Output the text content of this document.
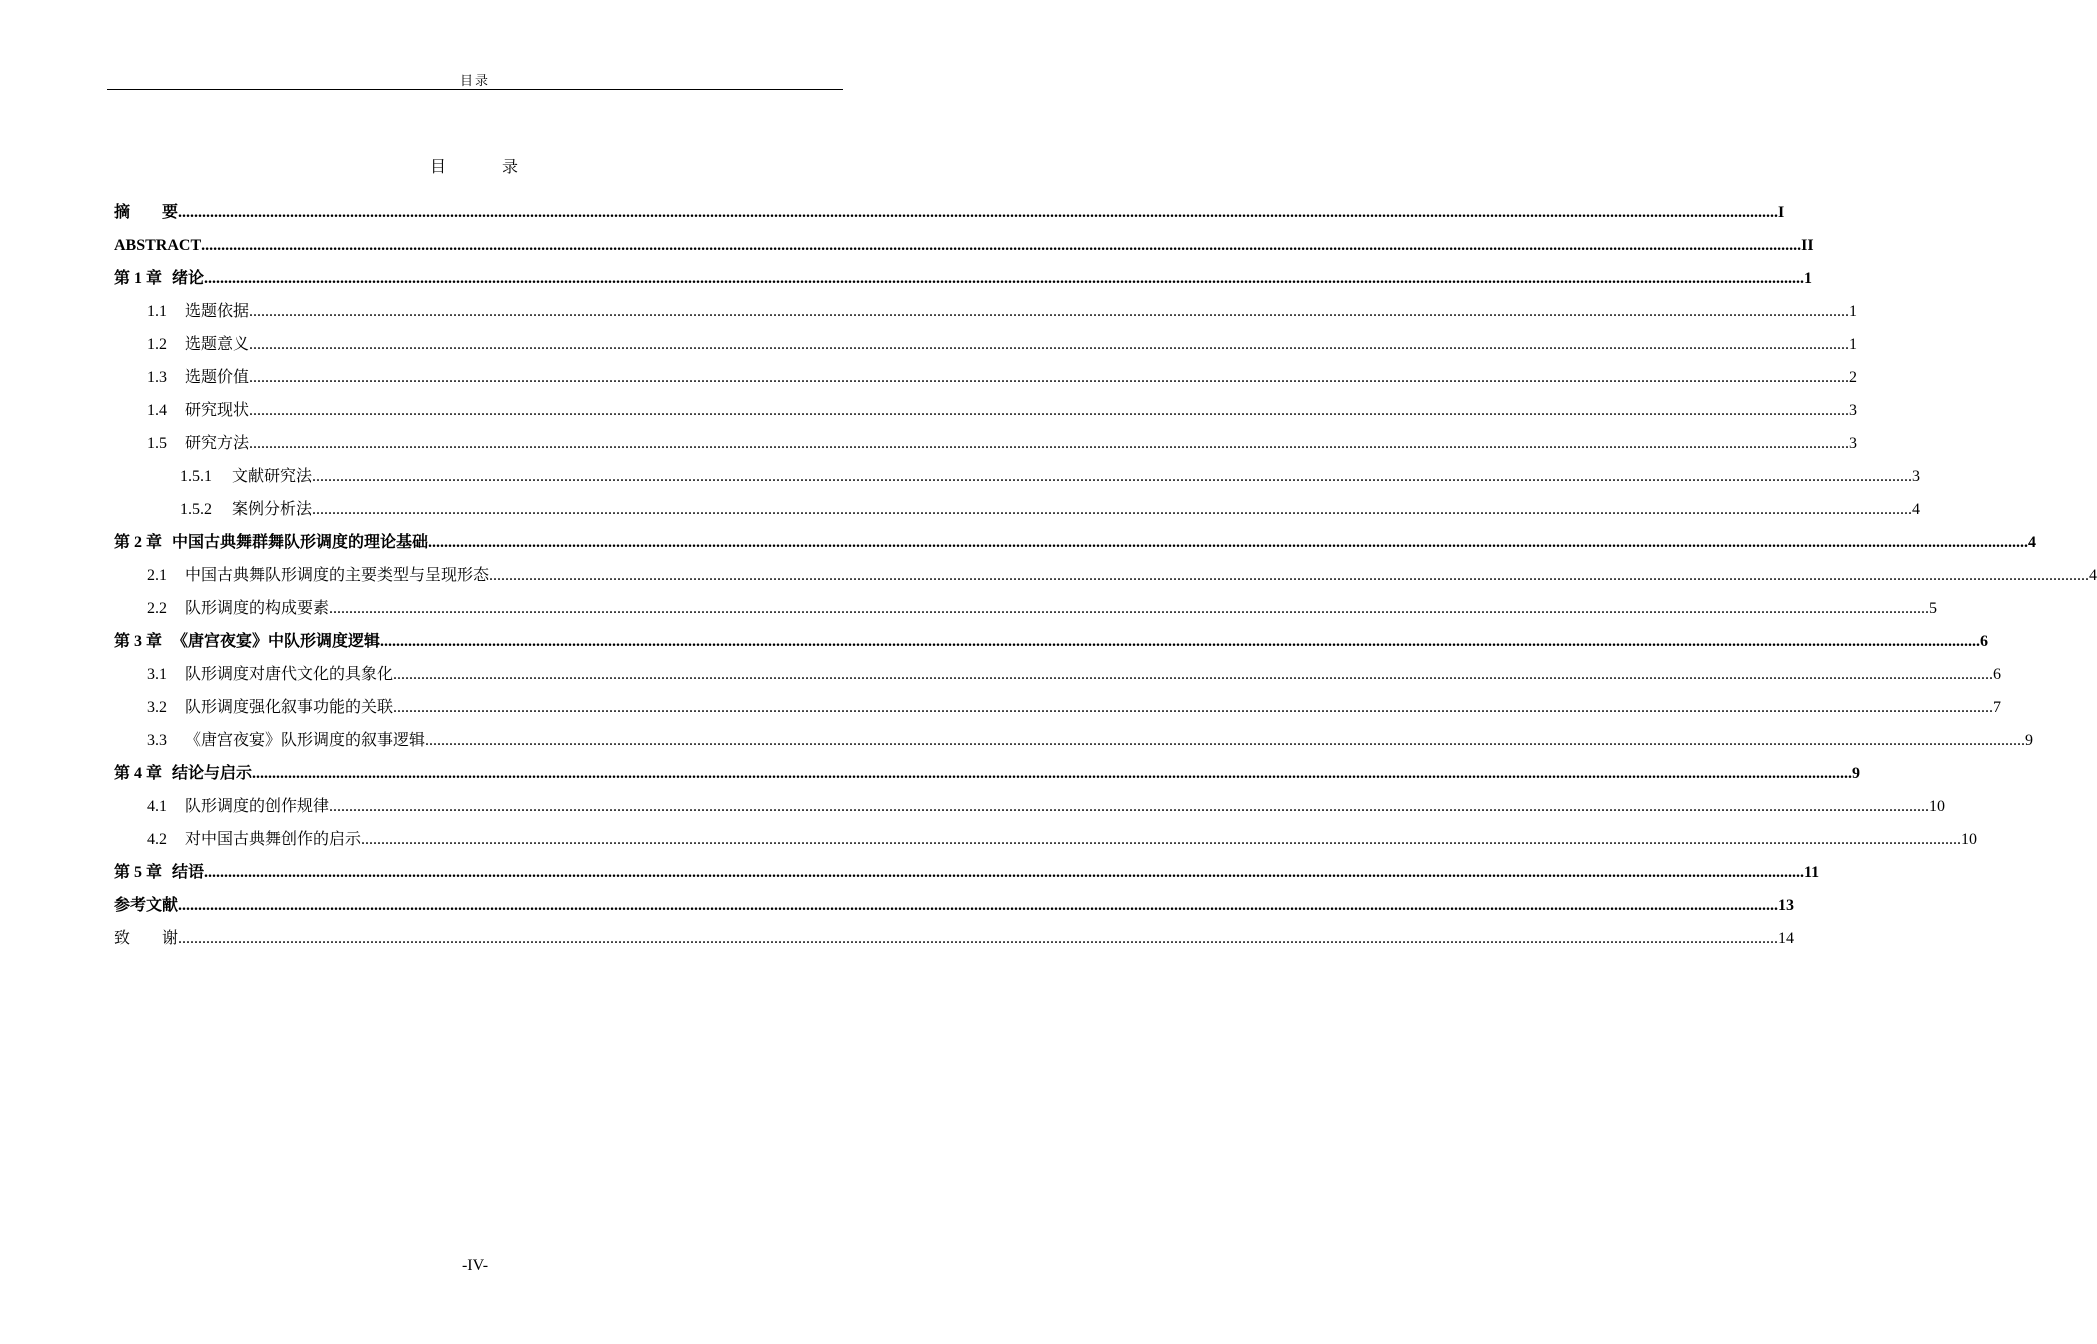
目录
目　　　录
摘　　要 ................................................................................................................................................................................................................................................................................................................................................................................................................ I
ABSTRACT ................................................................................................................................................................................................................................................................................................................................................................................................................ II
第 1 章 绪论 ................................................................................................................................................................................................................................................................................................................................................................................................................ 1
1.1	选题依据 ................................................................................................................................................................................................................................................................................................................................................................................................................ 1
1.2	选题意义 ................................................................................................................................................................................................................................................................................................................................................................................................................ 1
1.3	选题价值 ................................................................................................................................................................................................................................................................................................................................................................................................................ 2
1.4	研究现状 ................................................................................................................................................................................................................................................................................................................................................................................................................ 3
1.5	研究方法 ................................................................................................................................................................................................................................................................................................................................................................................................................ 3
1.5.1	文献研究法 ................................................................................................................................................................................................................................................................................................................................................................................................................ 3
1.5.2	案例分析法 ................................................................................................................................................................................................................................................................................................................................................................................................................ 4
第 2 章 中国古典舞群舞队形调度的理论基础 ................................................................................................................................................................................................................................................................................................................................................................................................................ 4
2.1	中国古典舞队形调度的主要类型与呈现形态 ................................................................................................................................................................................................................................................................................................................................................................................................................ 4
2.2	队形调度的构成要素 ................................................................................................................................................................................................................................................................................................................................................................................................................ 5
第 3 章 《唐宫夜宴》中队形调度逻辑 ................................................................................................................................................................................................................................................................................................................................................................................................................ 6
3.1	队形调度对唐代文化的具象化 ................................................................................................................................................................................................................................................................................................................................................................................................................ 6
3.2	队形调度强化叙事功能的关联 ................................................................................................................................................................................................................................................................................................................................................................................................................ 7
3.3	《唐宫夜宴》队形调度的叙事逻辑 ................................................................................................................................................................................................................................................................................................................................................................................................................ 9
第 4 章 结论与启示 ................................................................................................................................................................................................................................................................................................................................................................................................................ 9
4.1	队形调度的创作规律 ................................................................................................................................................................................................................................................................................................................................................................................................................ 10
4.2	对中国古典舞创作的启示 ................................................................................................................................................................................................................................................................................................................................................................................................................ 10
第 5 章 结语 ................................................................................................................................................................................................................................................................................................................................................................................................................ 11
参考文献 ................................................................................................................................................................................................................................................................................................................................................................................................................ 13
致　　谢 ................................................................................................................................................................................................................................................................................................................................................................................................................ 14
-IV-
